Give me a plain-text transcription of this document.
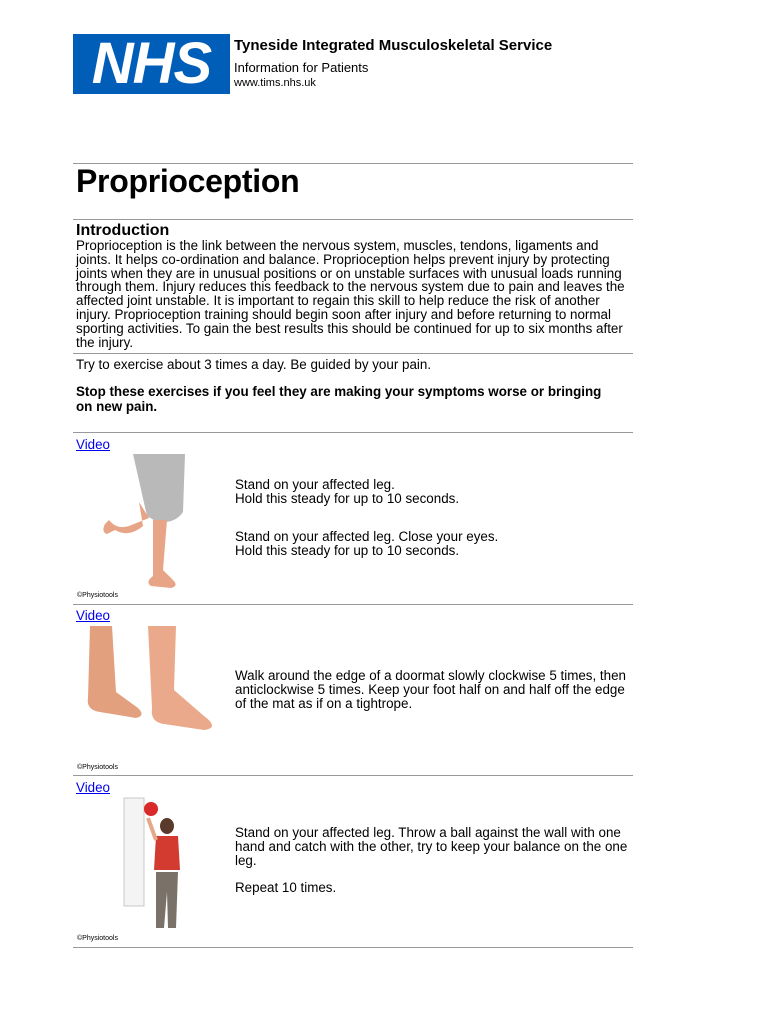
NHS	Tyneside Integrated Musculoskeletal Service
Information for Patients
www.tims.nhs.uk
Proprioception
Introduction
Proprioception is the link between the nervous system, muscles, tendons, ligaments and joints. It helps co-ordination and balance. Proprioception helps prevent injury by protecting joints when they are in unusual positions or on unstable surfaces with unusual loads running through them. Injury reduces this feedback to the nervous system due to pain and leaves the affected joint unstable. It is important to regain this skill to help reduce the risk of another injury. Proprioception training should begin soon after injury and before returning to normal sporting activities. To gain the best results this should be continued for up to six months after the injury.
Try to exercise about 3 times a day. Be guided by your pain.
Stop these exercises if you feel they are making your symptoms worse or bringing on new pain.
Video
Stand on your affected leg.
Hold this steady for up to 10 seconds.
Stand on your affected leg. Close your eyes.
Hold this steady for up to 10 seconds.
©Physiotools
Video
Walk around the edge of a doormat slowly clockwise 5 times, then anticlockwise 5 times. Keep your foot half on and half off the edge of the mat as if on a tightrope.
©Physiotools
Video
Stand on your affected leg. Throw a ball against the wall with one hand and catch with the other, try to keep your balance on the one leg.
Repeat 10 times.
©Physiotools
